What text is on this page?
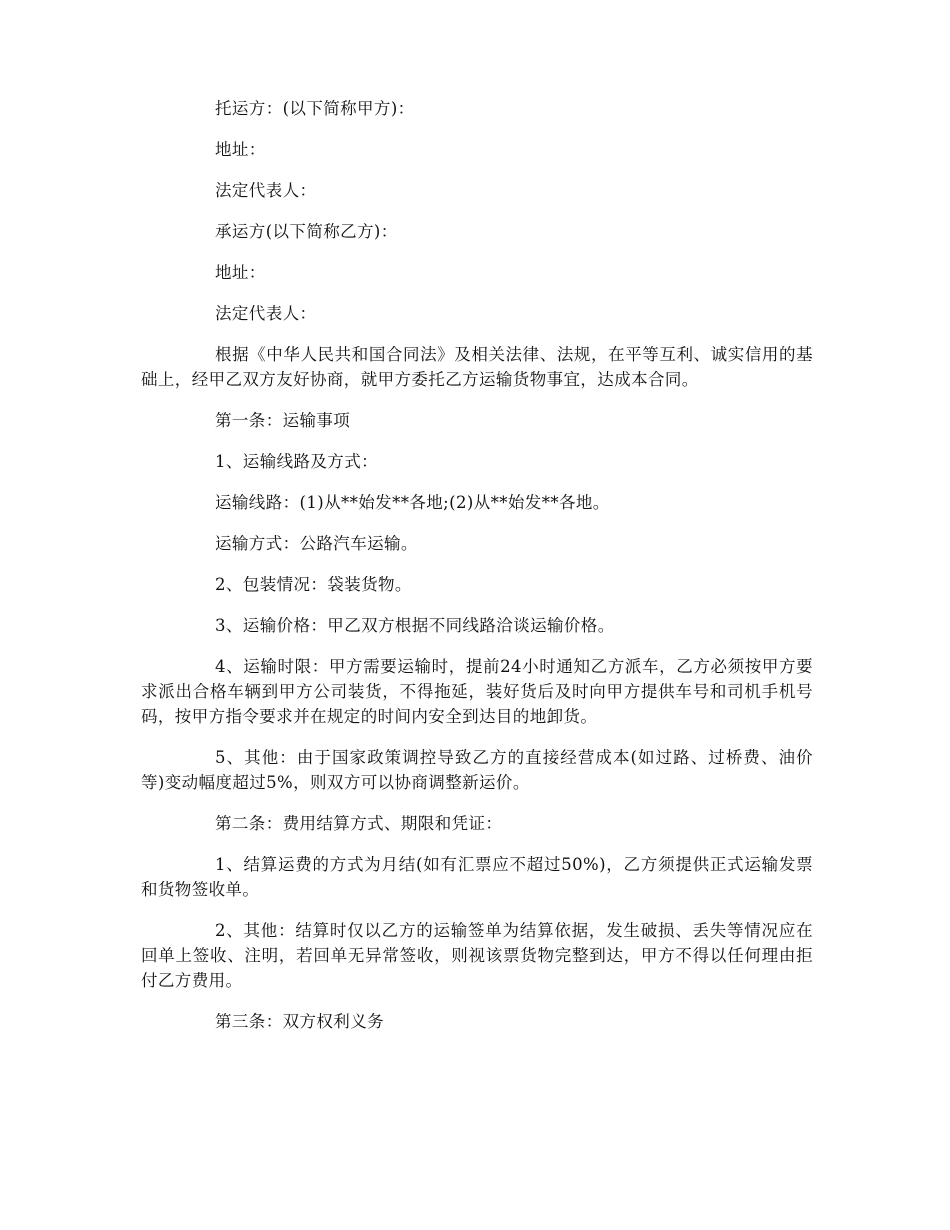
托运方：(以下简称甲方)：

地址：

法定代表人：

承运方(以下简称乙方)：

地址：

法定代表人：

根据《中华人民共和国合同法》及相关法律、法规，在平等互利、诚实信用的基础上，经甲乙双方友好协商，就甲方委托乙方运输货物事宜，达成本合同。

第一条：运输事项

1、运输线路及方式：

运输线路：(1)从**始发**各地;(2)从**始发**各地。

运输方式：公路汽车运输。

2、包装情况：袋装货物。

3、运输价格：甲乙双方根据不同线路洽谈运输价格。

4、运输时限：甲方需要运输时，提前24小时通知乙方派车，乙方必须按甲方要求派出合格车辆到甲方公司装货，不得拖延，装好货后及时向甲方提供车号和司机手机号码，按甲方指令要求并在规定的时间内安全到达目的地卸货。

5、其他：由于国家政策调控导致乙方的直接经营成本(如过路、过桥费、油价等)变动幅度超过5%，则双方可以协商调整新运价。

第二条：费用结算方式、期限和凭证：

1、结算运费的方式为月结(如有汇票应不超过50%)，乙方须提供正式运输发票和货物签收单。

2、其他：结算时仅以乙方的运输签单为结算依据，发生破损、丢失等情况应在回单上签收、注明，若回单无异常签收，则视该票货物完整到达，甲方不得以任何理由拒付乙方费用。

第三条：双方权利义务
